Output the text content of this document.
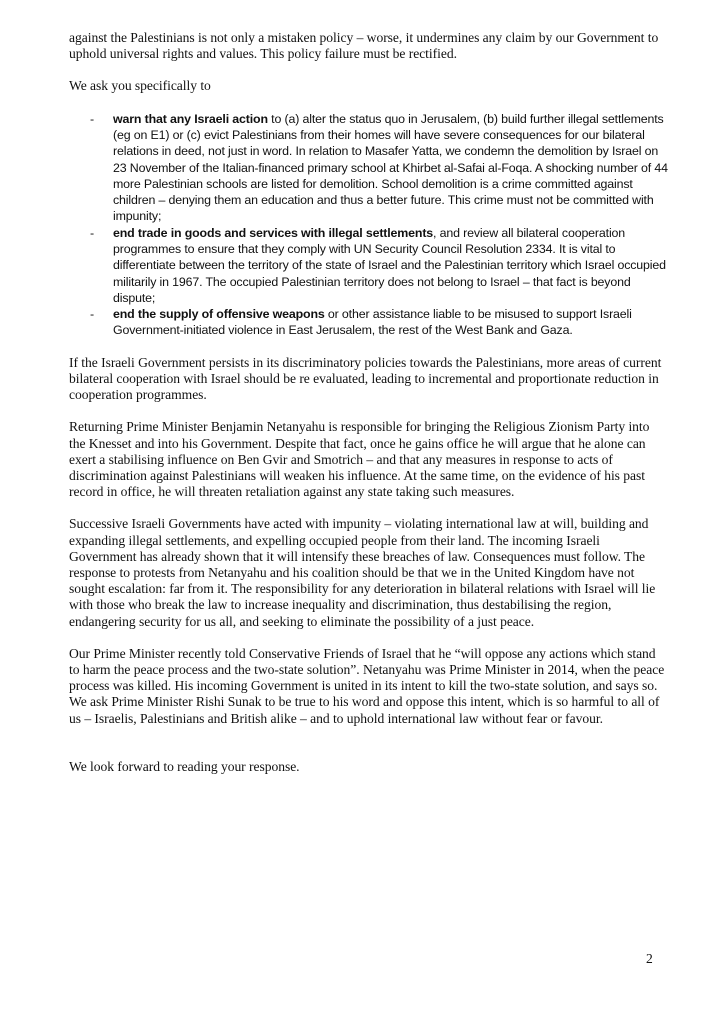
against the Palestinians is not only a mistaken policy – worse, it undermines any claim by our Government to uphold universal rights and values. This policy failure must be rectified.

We ask you specifically to

- warn that any Israeli action to (a) alter the status quo in Jerusalem, (b) build further illegal settlements (eg on E1) or (c) evict Palestinians from their homes will have severe consequences for our bilateral relations in deed, not just in word. In relation to Masafer Yatta, we condemn the demolition by Israel on 23 November of the Italian-financed primary school at Khirbet al-Safai al-Foqa. A shocking number of 44 more Palestinian schools are listed for demolition. School demolition is a crime committed against children – denying them an education and thus a better future. This crime must not be committed with impunity;
- end trade in goods and services with illegal settlements, and review all bilateral cooperation programmes to ensure that they comply with UN Security Council Resolution 2334. It is vital to differentiate between the territory of the state of Israel and the Palestinian territory which Israel occupied militarily in 1967. The occupied Palestinian territory does not belong to Israel – that fact is beyond dispute;
- end the supply of offensive weapons or other assistance liable to be misused to support Israeli Government-initiated violence in East Jerusalem, the rest of the West Bank and Gaza.

If the Israeli Government persists in its discriminatory policies towards the Palestinians, more areas of current bilateral cooperation with Israel should be re evaluated, leading to incremental and proportionate reduction in cooperation programmes.

Returning Prime Minister Benjamin Netanyahu is responsible for bringing the Religious Zionism Party into the Knesset and into his Government. Despite that fact, once he gains office he will argue that he alone can exert a stabilising influence on Ben Gvir and Smotrich – and that any measures in response to acts of discrimination against Palestinians will weaken his influence. At the same time, on the evidence of his past record in office, he will threaten retaliation against any state taking such measures.

Successive Israeli Governments have acted with impunity – violating international law at will, building and expanding illegal settlements, and expelling occupied people from their land. The incoming Israeli Government has already shown that it will intensify these breaches of law. Consequences must follow. The response to protests from Netanyahu and his coalition should be that we in the United Kingdom have not sought escalation: far from it. The responsibility for any deterioration in bilateral relations with Israel will lie with those who break the law to increase inequality and discrimination, thus destabilising the region, endangering security for us all, and seeking to eliminate the possibility of a just peace.

Our Prime Minister recently told Conservative Friends of Israel that he “will oppose any actions which stand to harm the peace process and the two-state solution”. Netanyahu was Prime Minister in 2014, when the peace process was killed. His incoming Government is united in its intent to kill the two-state solution, and says so. We ask Prime Minister Rishi Sunak to be true to his word and oppose this intent, which is so harmful to all of us – Israelis, Palestinians and British alike – and to uphold international law without fear or favour.

We look forward to reading your response.

2
